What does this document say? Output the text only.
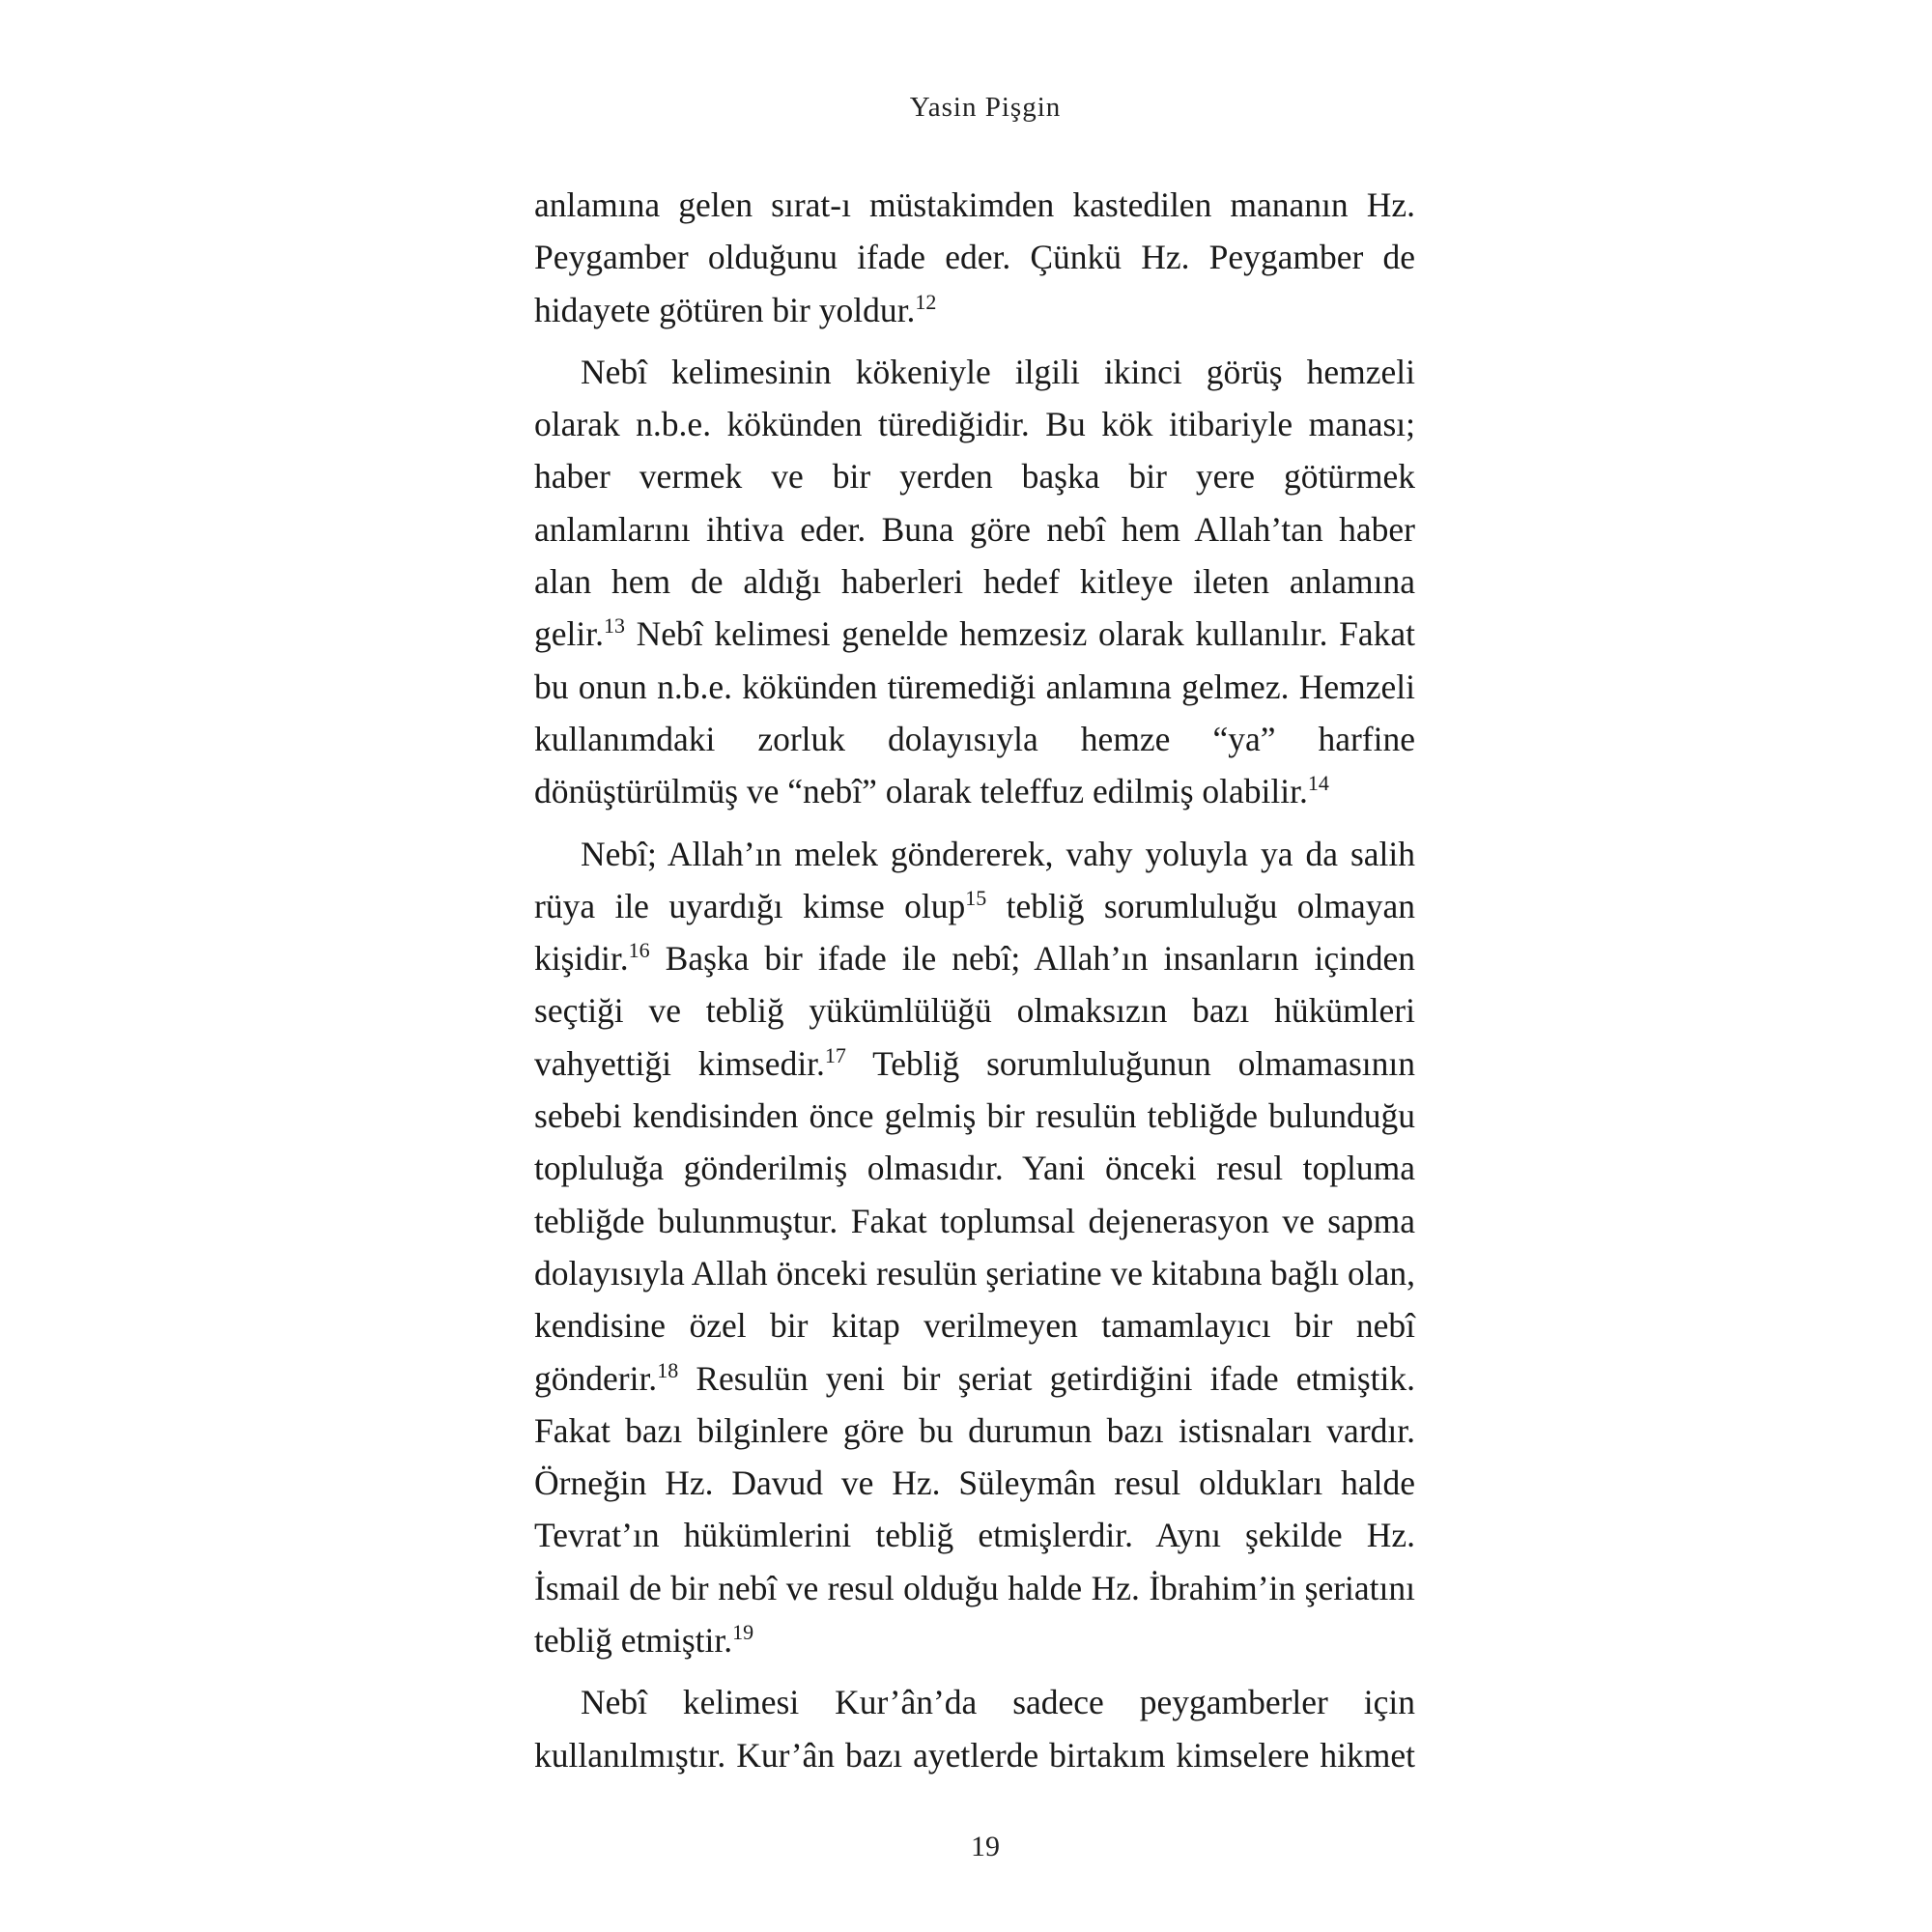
Yasin Pişgin

anlamına gelen sırat-ı müstakimden kastedilen mananın Hz. Peygamber olduğunu ifade eder. Çünkü Hz. Peygamber de hidayete götüren bir yoldur.$^{12}$

Nebî kelimesinin kökeniyle ilgili ikinci görüş hemzeli olarak n.b.e. kökünden türediğidir. Bu kök itibariyle manası; haber vermek ve bir yerden başka bir yere götürmek anlamlarını ihtiva eder. Buna göre nebî hem Allah’tan haber alan hem de aldığı haberleri hedef kitleye ileten anlamına gelir.$^{13}$ Nebî kelimesi genelde hemzesiz olarak kullanılır. Fakat bu onun n.b.e. kökünden türemediği anlamına gelmez. Hemzeli kullanımdaki zorluk dolayısıyla hemze “ya” harfine dönüştürülmüş ve “nebî” olarak teleffuz edilmiş olabilir.$^{14}$

Nebî; Allah’ın melek göndererek, vahy yoluyla ya da salih rüya ile uyardığı kimse olup$^{15}$ tebliğ sorumluluğu olmayan kişidir.$^{16}$ Başka bir ifade ile nebî; Allah’ın insanların içinden seçtiği ve tebliğ yükümlülüğü olmaksızın bazı hükümleri vahyettiği kimsedir.$^{17}$ Tebliğ sorumluluğunun olmamasının sebebi kendisinden önce gelmiş bir resulün tebliğde bulunduğu topluluğa gönderilmiş olmasıdır. Yani önceki resul topluma tebliğde bulunmuştur. Fakat toplumsal dejenerasyon ve sapma dolayısıyla Allah önceki resulün şeriatine ve kitabına bağlı olan, kendisine özel bir kitap verilmeyen tamamlayıcı bir nebî gönderir.$^{18}$ Resulün yeni bir şeriat getirdiğini ifade etmiştik. Fakat bazı bilginlere göre bu durumun bazı istisnaları vardır. Örneğin Hz. Davud ve Hz. Süleymân resul oldukları halde Tevrat’ın hükümlerini tebliğ etmişlerdir. Aynı şekilde Hz. İsmail de bir nebî ve resul olduğu halde Hz. İbrahim’in şeriatını tebliğ etmiştir.$^{19}$

Nebî kelimesi Kur’ân’da sadece peygamberler için kullanılmıştır. Kur’ân bazı ayetlerde birtakım kimselere hikmet

19
